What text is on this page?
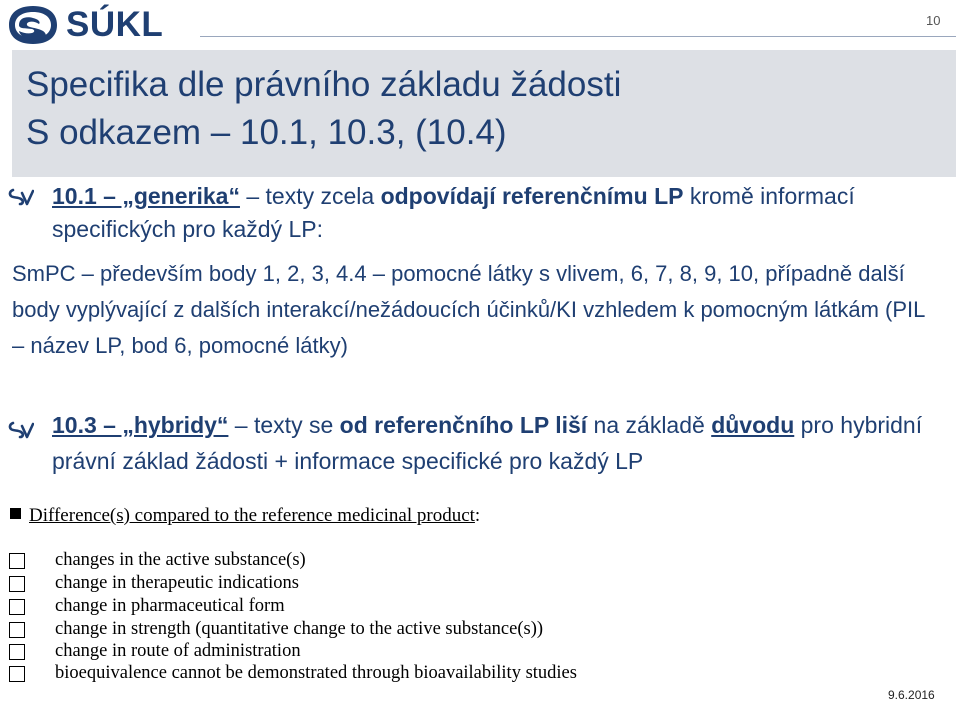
SÚKL	10
Specifika dle právního základu žádosti
S odkazem – 10.1, 10.3, (10.4)
10.1 – „generika“ – texty zcela odpovídají referenčnímu LP kromě informací specifických pro každý LP:
SmPC – především body 1, 2, 3, 4.4 – pomocné látky s vlivem, 6, 7, 8, 9, 10, případně další body vyplývající z dalších interakcí/nežádoucích účinků/KI vzhledem k pomocným látkám (PIL – název LP, bod 6, pomocné látky)
10.3 – „hybridy“ – texty se od referenčního LP liší na základě důvodu pro hybridní právní základ žádosti + informace specifické pro každý LP
Difference(s) compared to the reference medicinal product:
changes in the active substance(s)
change in therapeutic indications
change in pharmaceutical form
change in strength (quantitative change to the active substance(s))
change in route of administration
bioequivalence cannot be demonstrated through bioavailability studies
9.6.2016
